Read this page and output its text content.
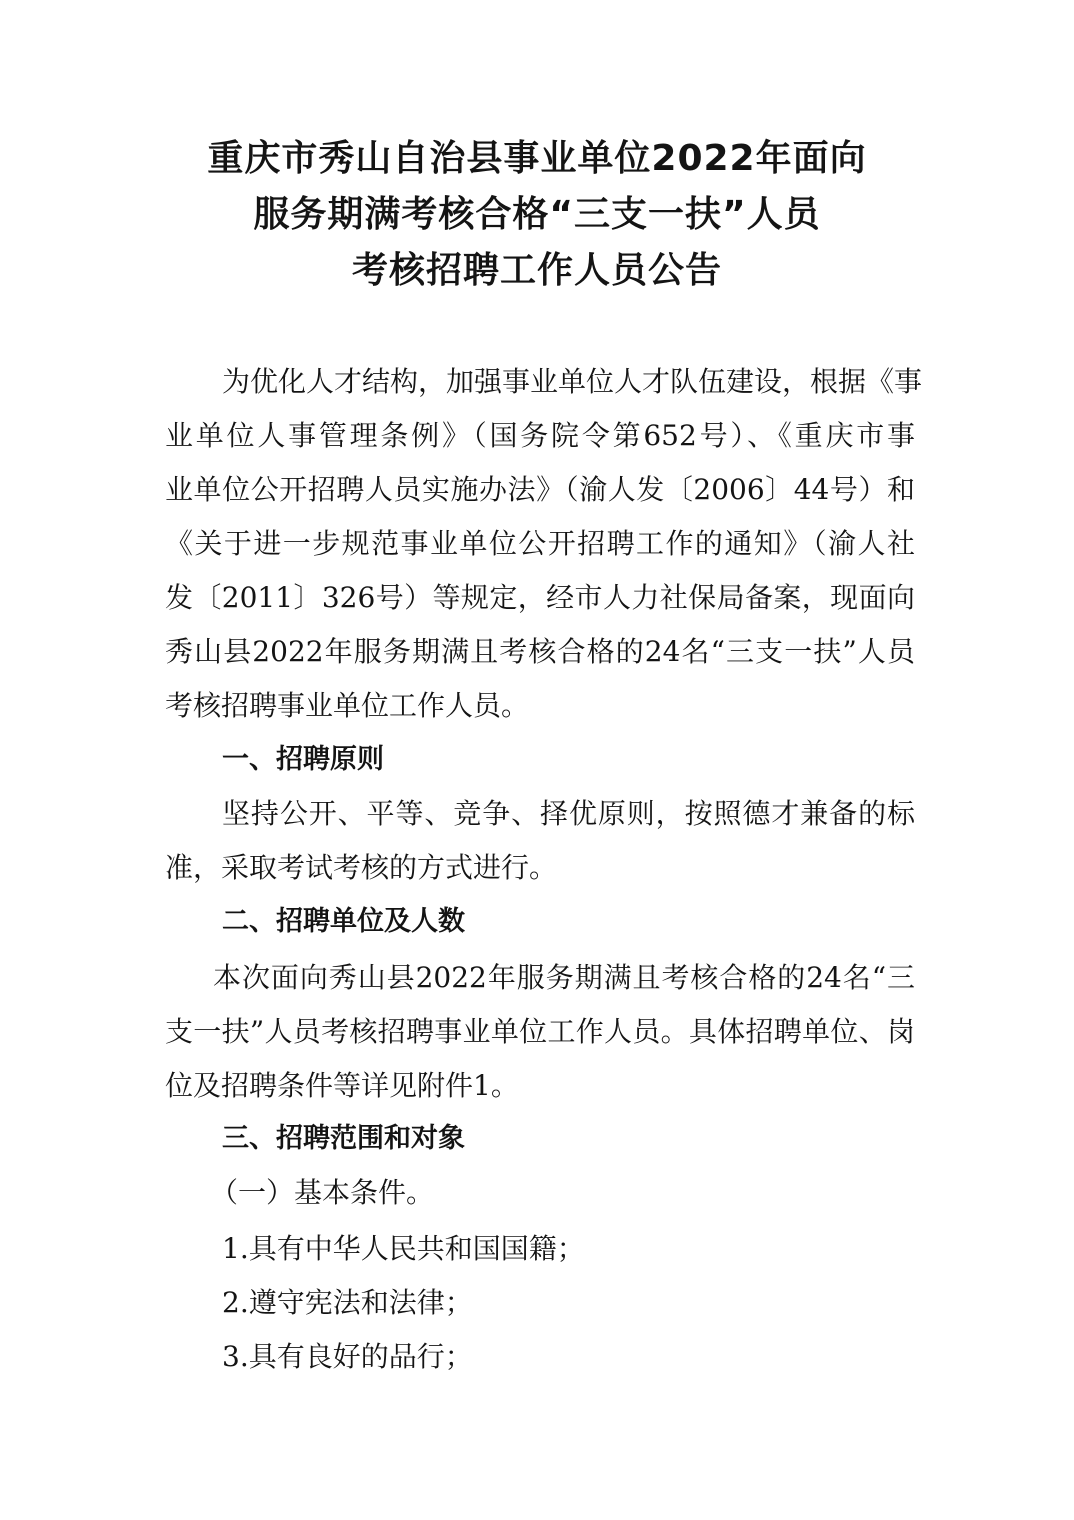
重庆市秀山自治县事业单位2022年面向
服务期满考核合格“三支一扶”人员
考核招聘工作人员公告
为优化人才结构，加强事业单位人才队伍建设，根据《事
业单位人事管理条例》（国务院令第652号）、《重庆市事
业单位公开招聘人员实施办法》（渝人发〔2006〕44号）和
《关于进一步规范事业单位公开招聘工作的通知》（渝人社
发〔2011〕326号）等规定，经市人力社保局备案，现面向
秀山县2022年服务期满且考核合格的24名“三支一扶”人员
考核招聘事业单位工作人员。
一、招聘原则
坚持公开、平等、竞争、择优原则，按照德才兼备的标
准，采取考试考核的方式进行。
二、招聘单位及人数
本次面向秀山县2022年服务期满且考核合格的24名“三
支一扶”人员考核招聘事业单位工作人员。具体招聘单位、岗
位及招聘条件等详见附件1。
三、招聘范围和对象
（一）基本条件。
1.具有中华人民共和国国籍；
2.遵守宪法和法律；
3.具有良好的品行；
